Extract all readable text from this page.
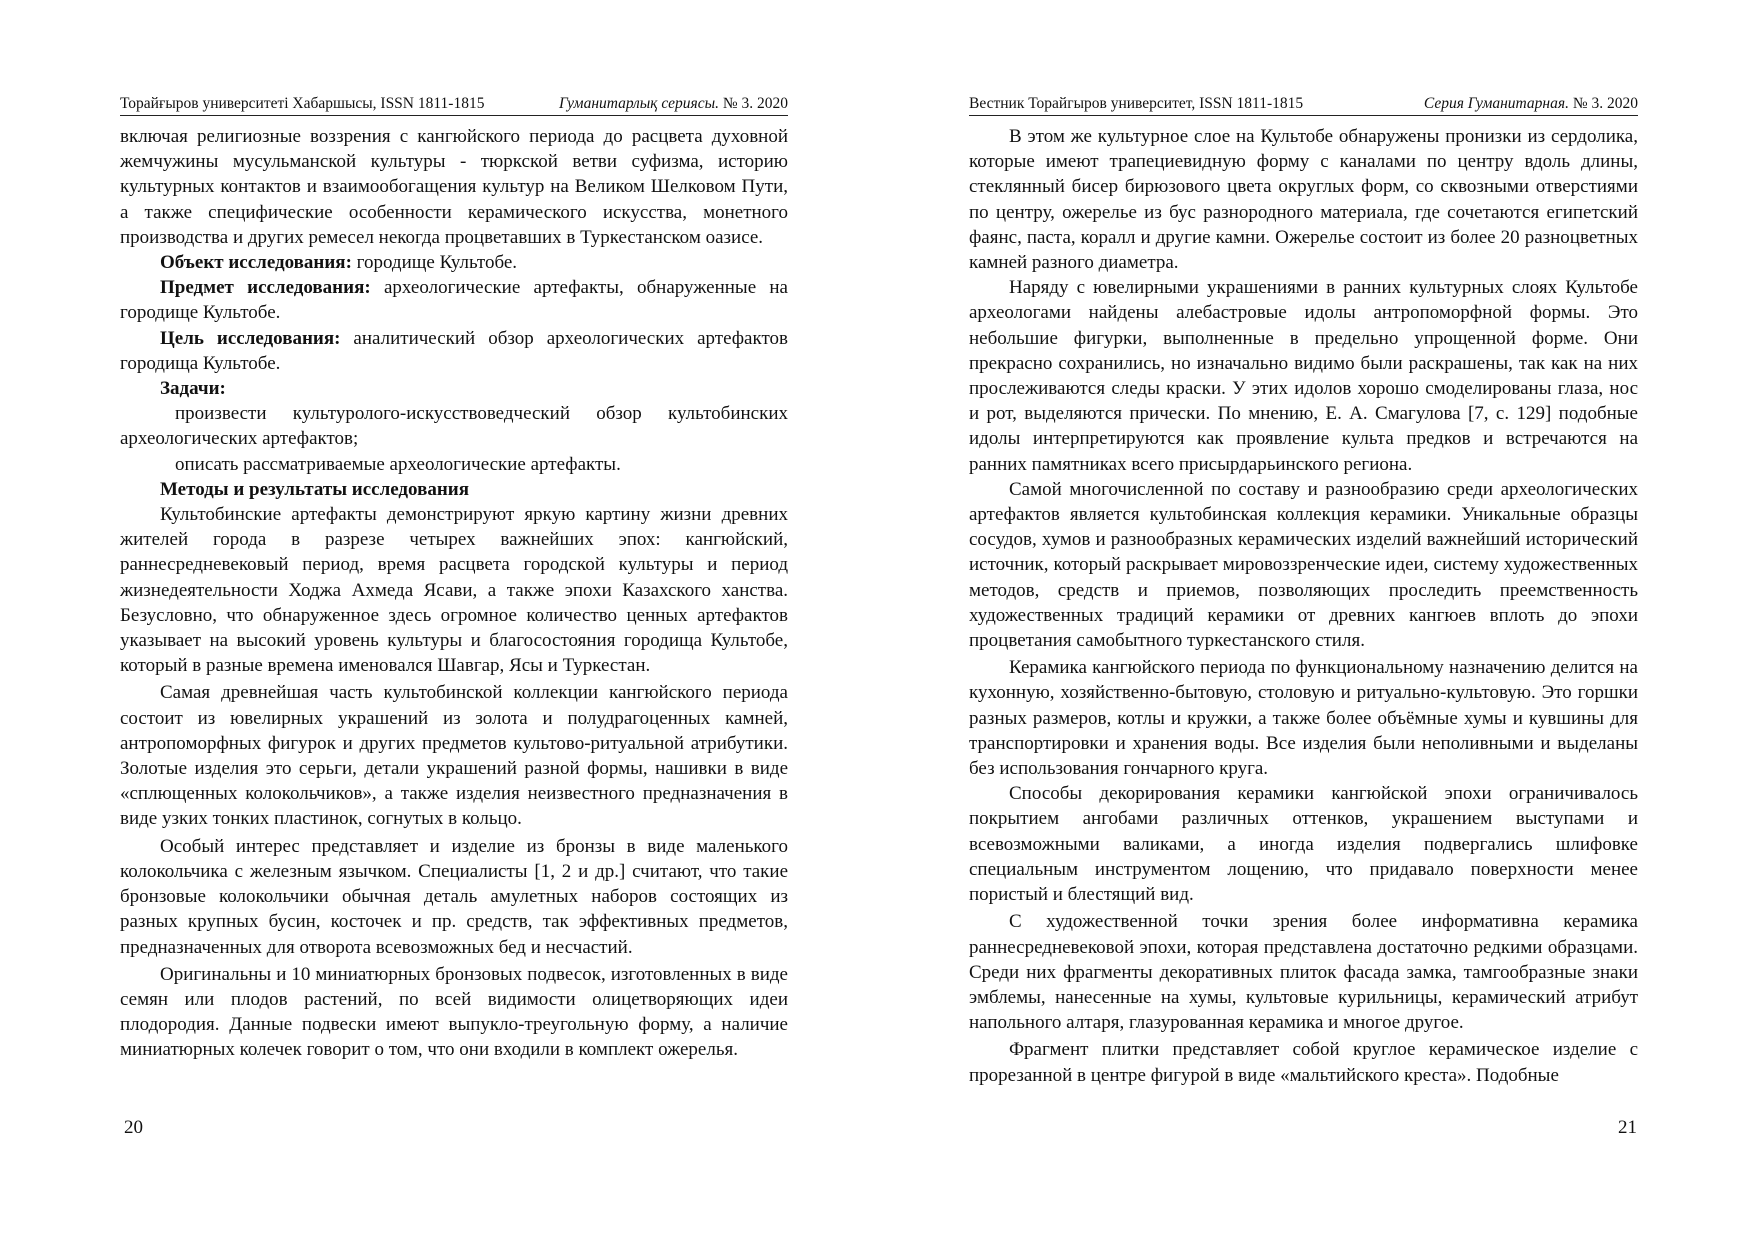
Торайғыров университеті Хабаршысы, ISSN 1811-1815	Гуманитарлық сериясы. № 3. 2020

включая религиозные воззрения с кангюйского периода до расцвета духовной жемчужины мусульманской культуры - тюркской ветви суфизма, историю культурных контактов и взаимообогащения культур на Великом Шелковом Пути, а также специфические особенности керамического искусства, монетного производства и других ремесел некогда процветавших в Туркестанском оазисе.

Объект исследования: городище Культобе.

Предмет исследования: археологические артефакты, обнаруженные на городище Культобе.

Цель исследования: аналитический обзор археологических артефактов городища Культобе.

Задачи:

произвести культуролого-искусствоведческий обзор культобинских археологических артефактов;

описать рассматриваемые археологические артефакты.

Методы и результаты исследования

Культобинские артефакты демонстрируют яркую картину жизни древних жителей города в разрезе четырех важнейших эпох: кангюйский, раннесредневековый период, время расцвета городской культуры и период жизнедеятельности Ходжа Ахмеда Ясави, а также эпохи Казахского ханства. Безусловно, что обнаруженное здесь огромное количество ценных артефактов указывает на высокий уровень культуры и благосостояния городища Культобе, который в разные времена именовался Шавгар, Ясы и Туркестан.

Самая древнейшая часть культобинской коллекции кангюйского периода состоит из ювелирных украшений из золота и полудрагоценных камней, антропоморфных фигурок и других предметов культово-ритуальной атрибутики. Золотые изделия это серьги, детали украшений разной формы, нашивки в виде «сплющенных колокольчиков», а также изделия неизвестного предназначения в виде узких тонких пластинок, согнутых в кольцо.

Особый интерес представляет и изделие из бронзы в виде маленького колокольчика с железным язычком. Специалисты [1, 2 и др.] считают, что такие бронзовые колокольчики обычная деталь амулетных наборов состоящих из разных крупных бусин, косточек и пр. средств, так эффективных предметов, предназначенных для отворота всевозможных бед и несчастий.

Оригинальны и 10 миниатюрных бронзовых подвесок, изготовленных в виде семян или плодов растений, по всей видимости олицетворяющих идеи плодородия. Данные подвески имеют выпукло-треугольную форму, а наличие миниатюрных колечек говорит о том, что они входили в комплект ожерелья.

20
Вестник Торайгыров университет, ISSN 1811-1815	Серия Гуманитарная. № 3. 2020

В этом же культурное слое на Культобе обнаружены пронизки из сердолика, которые имеют трапециевидную форму с каналами по центру вдоль длины, стеклянный бисер бирюзового цвета округлых форм, со сквозными отверстиями по центру, ожерелье из бус разнородного материала, где сочетаются египетский фаянс, паста, коралл и другие камни. Ожерелье состоит из более 20 разноцветных камней разного диаметра.

Наряду с ювелирными украшениями в ранних культурных слоях Культобе археологами найдены алебастровые идолы антропоморфной формы. Это небольшие фигурки, выполненные в предельно упрощенной форме. Они прекрасно сохранились, но изначально видимо были раскрашены, так как на них прослеживаются следы краски. У этих идолов хорошо смоделированы глаза, нос и рот, выделяются прически. По мнению, Е. А. Смагулова [7, с. 129] подобные идолы интерпретируются как проявление культа предков и встречаются на ранних памятниках всего присырдарьинского региона.

Самой многочисленной по составу и разнообразию среди археологических артефактов является культобинская коллекция керамики. Уникальные образцы сосудов, хумов и разнообразных керамических изделий важнейший исторический источник, который раскрывает мировоззренческие идеи, систему художественных методов, средств и приемов, позволяющих проследить преемственность художественных традиций керамики от древних кангюев вплоть до эпохи процветания самобытного туркестанского стиля.

Керамика кангюйского периода по функциональному назначению делится на кухонную, хозяйственно-бытовую, столовую и ритуально-культовую. Это горшки разных размеров, котлы и кружки, а также более объёмные хумы и кувшины для транспортировки и хранения воды. Все изделия были неполивными и выделаны без использования гончарного круга.

Способы декорирования керамики кангюйской эпохи ограничивалось покрытием ангобами различных оттенков, украшением выступами и всевозможными валиками, а иногда изделия подвергались шлифовке специальным инструментом лощению, что придавало поверхности менее пористый и блестящий вид.

С художественной точки зрения более информативна керамика раннесредневековой эпохи, которая представлена достаточно редкими образцами. Среди них фрагменты декоративных плиток фасада замка, тамгообразные знаки эмблемы, нанесенные на хумы, культовые курильницы, керамический атрибут напольного алтаря, глазурованная керамика и многое другое.

Фрагмент плитки представляет собой круглое керамическое изделие с прорезанной в центре фигурой в виде «мальтийского креста». Подобные

21
